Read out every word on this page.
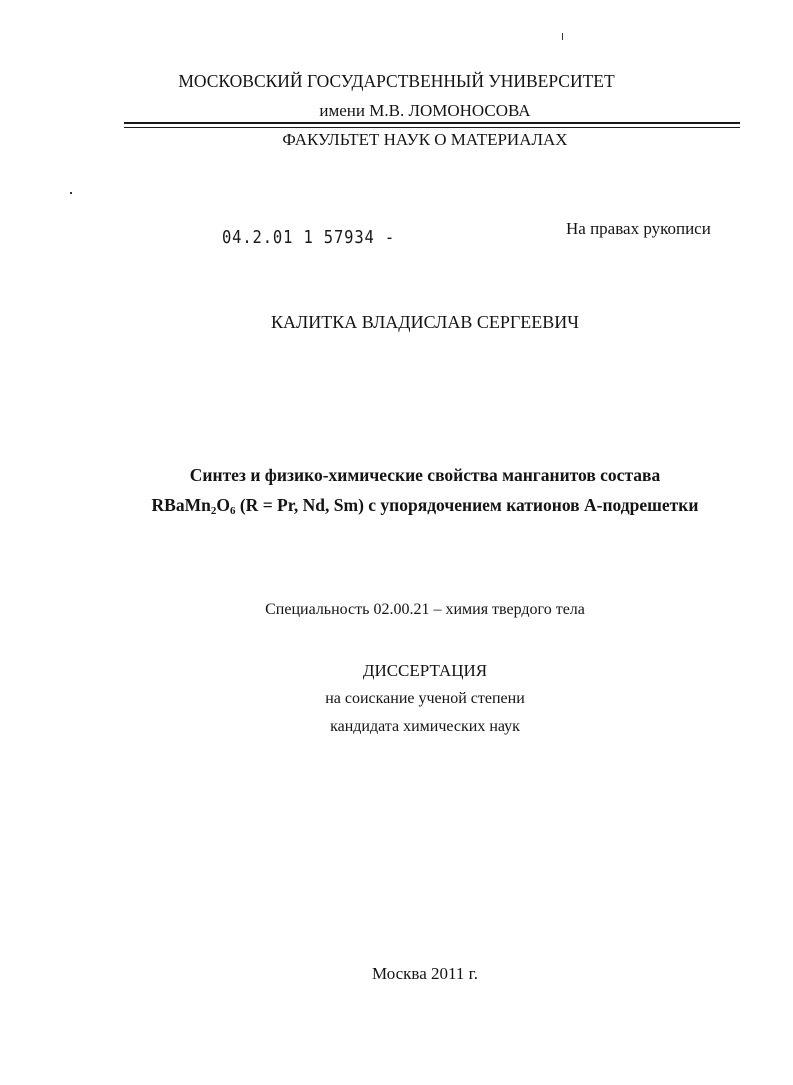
МОСКОВСКИЙ ГОСУДАРСТВЕННЫЙ УНИВЕРСИТЕТ
имени М.В. ЛОМОНОСОВА
ФАКУЛЬТЕТ НАУК О МАТЕРИАЛАХ
04.2.01 1 57934 -	На правах рукописи
КАЛИТКА ВЛАДИСЛАВ СЕРГЕЕВИЧ
Синтез и физико-химические свойства манганитов состава
$RBaMn_2O_6$ (R = Pr, Nd, Sm) с упорядочением катионов А-подрешетки
Специальность 02.00.21 – химия твердого тела
ДИССЕРТАЦИЯ
на соискание ученой степени
кандидата химических наук
Москва 2011 г.
